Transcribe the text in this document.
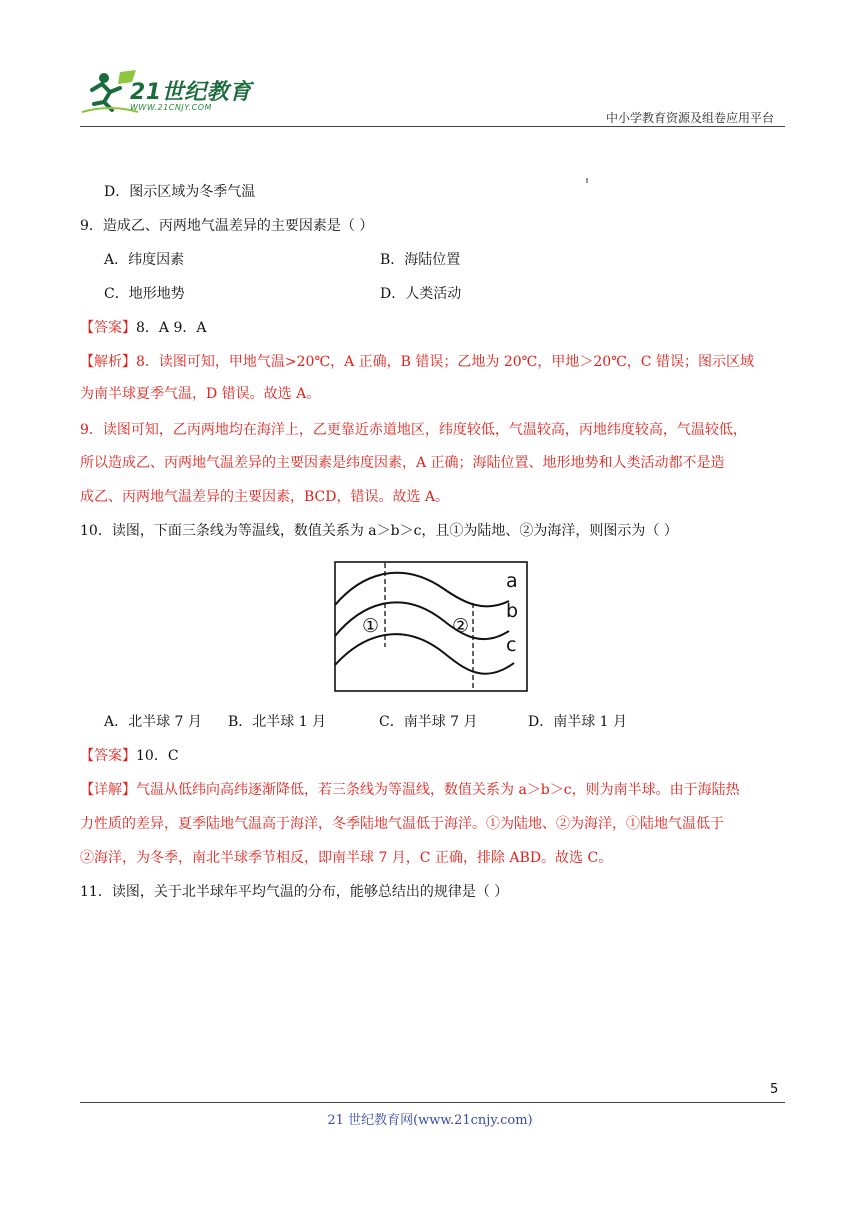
21世纪教育
WWW.21CNJY.COM
中小学教育资源及组卷应用平台
D．图示区域为冬季气温
9．造成乙、丙两地气温差异的主要因素是（ ）
A．纬度因素	B．海陆位置
C．地形地势	D．人类活动
【答案】8．A 9．A
【解析】8．读图可知，甲地气温>20℃，A 正确，B 错误；乙地为 20℃，甲地＞20℃，C 错误；图示区域
为南半球夏季气温，D 错误。故选 A。
9．读图可知，乙丙两地均在海洋上，乙更靠近赤道地区，纬度较低，气温较高，丙地纬度较高，气温较低，
所以造成乙、丙两地气温差异的主要因素是纬度因素，A 正确；海陆位置、地形地势和人类活动都不是造
成乙、丙两地气温差异的主要因素，BCD，错误。故选 A。
10．读图，下面三条线为等温线，数值关系为 a＞b＞c，且①为陆地、②为海洋，则图示为（ ）
a
b
c
①	②
A．北半球 7 月	B．北半球 1 月	C．南半球 7 月	D．南半球 1 月
【答案】10．C
【详解】气温从低纬向高纬逐渐降低，若三条线为等温线，数值关系为 a＞b＞c，则为南半球。由于海陆热
力性质的差异，夏季陆地气温高于海洋，冬季陆地气温低于海洋。①为陆地、②为海洋，①陆地气温低于
②海洋，为冬季，南北半球季节相反，即南半球 7 月，C 正确，排除 ABD。故选 C。
11．读图，关于北半球年平均气温的分布，能够总结出的规律是（ ）
5
21 世纪教育网(www.21cnjy.com)
